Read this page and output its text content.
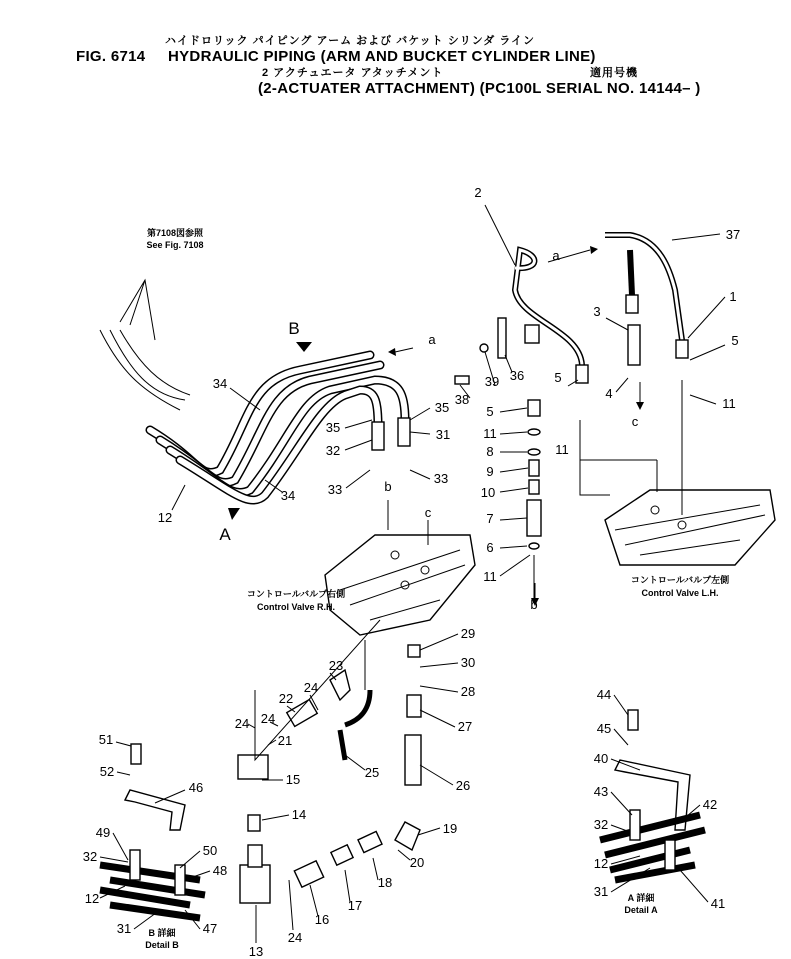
ハイドロリック パイピング アーム および バケット シリンダ ライン
FIG. 6714 HYDRAULIC PIPING (ARM AND BUCKET CYLINDER LINE)
2 アクチュエータ アタッチメント	適用号機
(2-ACTUATER ATTACHMENT) (PC100L SERIAL NO. 14144– )
第7108図参照
See Fig. 7108
コントロールバルブ右側
Control Valve R.H.
コントロールバルブ左側
Control Valve L.H.
B 詳細
Detail B
A 詳細
Detail A
2
37
1
3
5
4
11
c
5
11
a
a
B
34
35
32
35
31
38
39 36
5
11
8
9
10
7
6
11
b
33
33
b
c
34
12
A
29
30
28
27
26
23
24
22
24 24
21
25
15
14
19
20
18
17
16
24
13
51
52
46
49
50
32
48
12
47
31
44
45
40
43
42
32
12
31
41
